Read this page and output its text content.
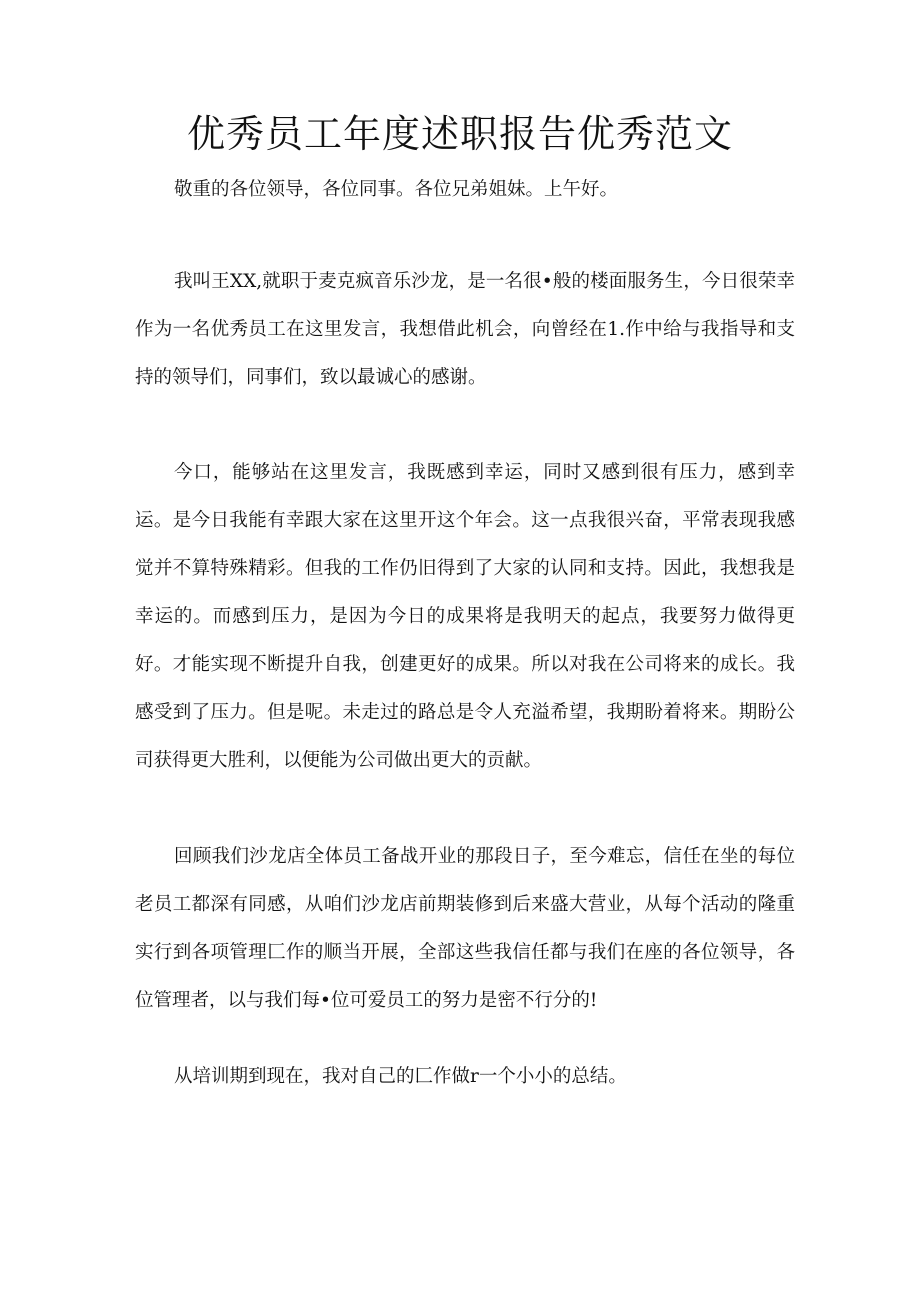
优秀员工年度述职报告优秀范文

敬重的各位领导，各位同事。各位兄弟姐妹。上午好。

我叫王XX,就职于麦克疯音乐沙龙，是一名很•般的楼面服务生，今日很荣幸作为一名优秀员工在这里发言，我想借此机会，向曾经在1.作中给与我指导和支持的领导们，同事们，致以最诚心的感谢。

今口，能够站在这里发言，我既感到幸运，同时又感到很有压力，感到幸运。是今日我能有幸跟大家在这里开这个年会。这一点我很兴奋，平常表现我感觉并不算特殊精彩。但我的工作仍旧得到了大家的认同和支持。因此，我想我是幸运的。而感到压力，是因为今日的成果将是我明天的起点，我要努力做得更好。才能实现不断提升自我，创建更好的成果。所以对我在公司将来的成长。我感受到了压力。但是呢。未走过的路总是令人充溢希望，我期盼着将来。期盼公司获得更大胜利，以便能为公司做出更大的贡献。

回顾我们沙龙店全体员工备战开业的那段日子，至今难忘，信任在坐的每位老员工都深有同感，从咱们沙龙店前期装修到后来盛大营业，从每个活动的隆重实行到各项管理匚作的顺当开展，全部这些我信任都与我们在座的各位领导，各位管理者，以与我们每•位可爱员工的努力是密不行分的!

从培训期到现在，我对自己的匚作做r一个小小的总结。
